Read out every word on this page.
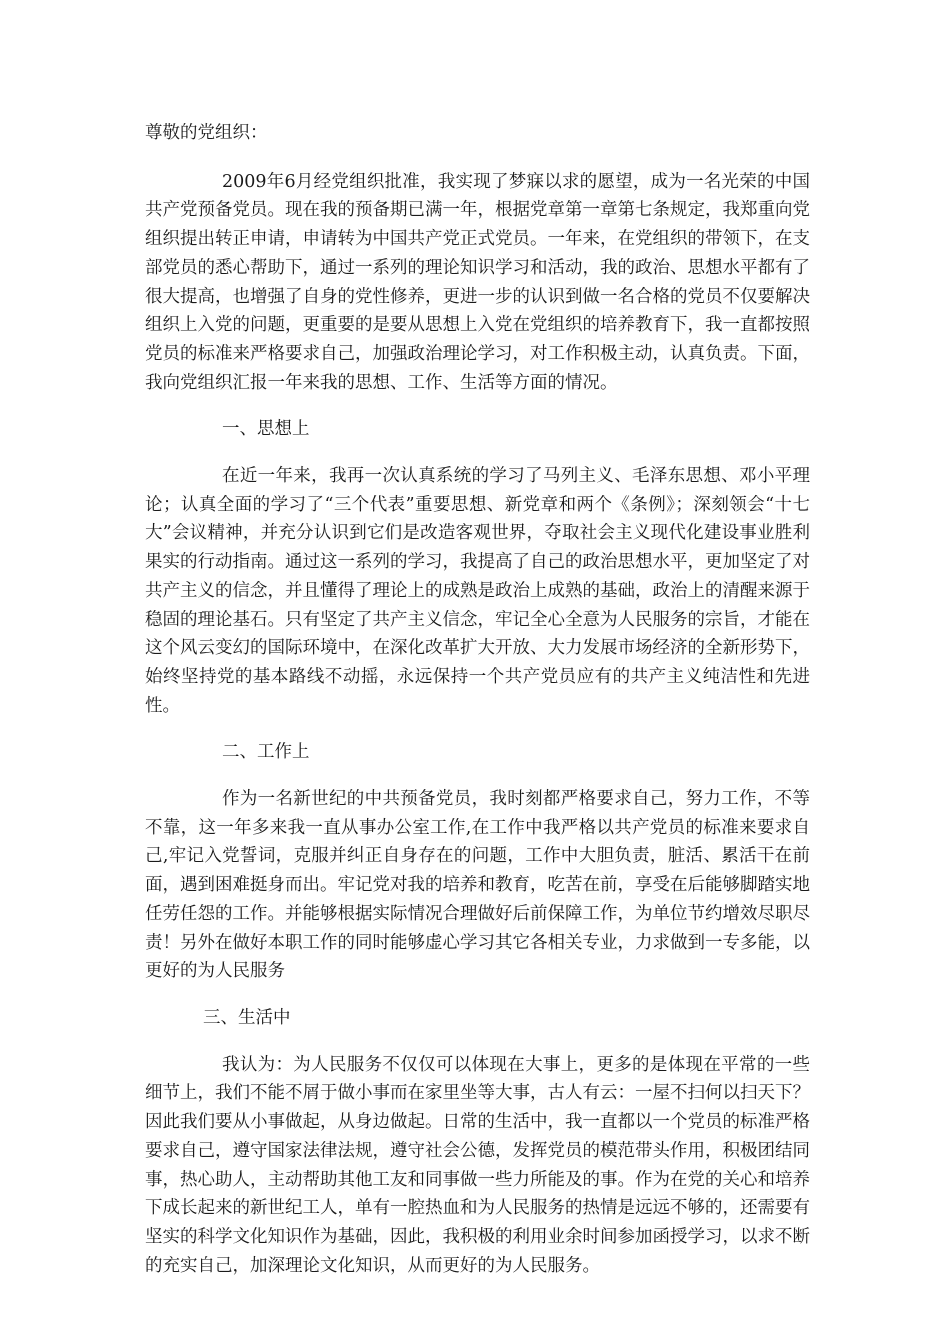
尊敬的党组织：

2009年6月经党组织批准，我实现了梦寐以求的愿望，成为一名光荣的中国共产党预备党员。现在我的预备期已满一年，根据党章第一章第七条规定，我郑重向党组织提出转正申请，申请转为中国共产党正式党员。一年来，在党组织的带领下，在支部党员的悉心帮助下，通过一系列的理论知识学习和活动，我的政治、思想水平都有了很大提高，也增强了自身的党性修养，更进一步的认识到做一名合格的党员不仅要解决组织上入党的问题，更重要的是要从思想上入党在党组织的培养教育下，我一直都按照党员的标准来严格要求自己，加强政治理论学习，对工作积极主动，认真负责。下面，我向党组织汇报一年来我的思想、工作、生活等方面的情况。

一、思想上

在近一年来，我再一次认真系统的学习了马列主义、毛泽东思想、邓小平理论；认真全面的学习了“三个代表”重要思想、新党章和两个《条例》；深刻领会“十七大”会议精神，并充分认识到它们是改造客观世界，夺取社会主义现代化建设事业胜利果实的行动指南。通过这一系列的学习，我提高了自己的政治思想水平，更加坚定了对共产主义的信念，并且懂得了理论上的成熟是政治上成熟的基础，政治上的清醒来源于稳固的理论基石。只有坚定了共产主义信念，牢记全心全意为人民服务的宗旨，才能在这个风云变幻的国际环境中，在深化改革扩大开放、大力发展市场经济的全新形势下，始终坚持党的基本路线不动摇，永远保持一个共产党员应有的共产主义纯洁性和先进性。

二、工作上

作为一名新世纪的中共预备党员，我时刻都严格要求自己，努力工作，不等不靠，这一年多来我一直从事办公室工作,在工作中我严格以共产党员的标准来要求自己,牢记入党誓词，克服并纠正自身存在的问题，工作中大胆负责，脏活、累活干在前面，遇到困难挺身而出。牢记党对我的培养和教育，吃苦在前，享受在后能够脚踏实地任劳任怨的工作。并能够根据实际情况合理做好后前保障工作，为单位节约增效尽职尽责！另外在做好本职工作的同时能够虚心学习其它各相关专业，力求做到一专多能，以更好的为人民服务

三、生活中

我认为：为人民服务不仅仅可以体现在大事上，更多的是体现在平常的一些细节上，我们不能不屑于做小事而在家里坐等大事，古人有云：一屋不扫何以扫天下？因此我们要从小事做起，从身边做起。日常的生活中，我一直都以一个党员的标准严格要求自己，遵守国家法律法规，遵守社会公德，发挥党员的模范带头作用，积极团结同事，热心助人，主动帮助其他工友和同事做一些力所能及的事。作为在党的关心和培养下成长起来的新世纪工人，单有一腔热血和为人民服务的热情是远远不够的，还需要有坚实的科学文化知识作为基础，因此，我积极的利用业余时间参加函授学习，以求不断的充实自己，加深理论文化知识，从而更好的为人民服务。
